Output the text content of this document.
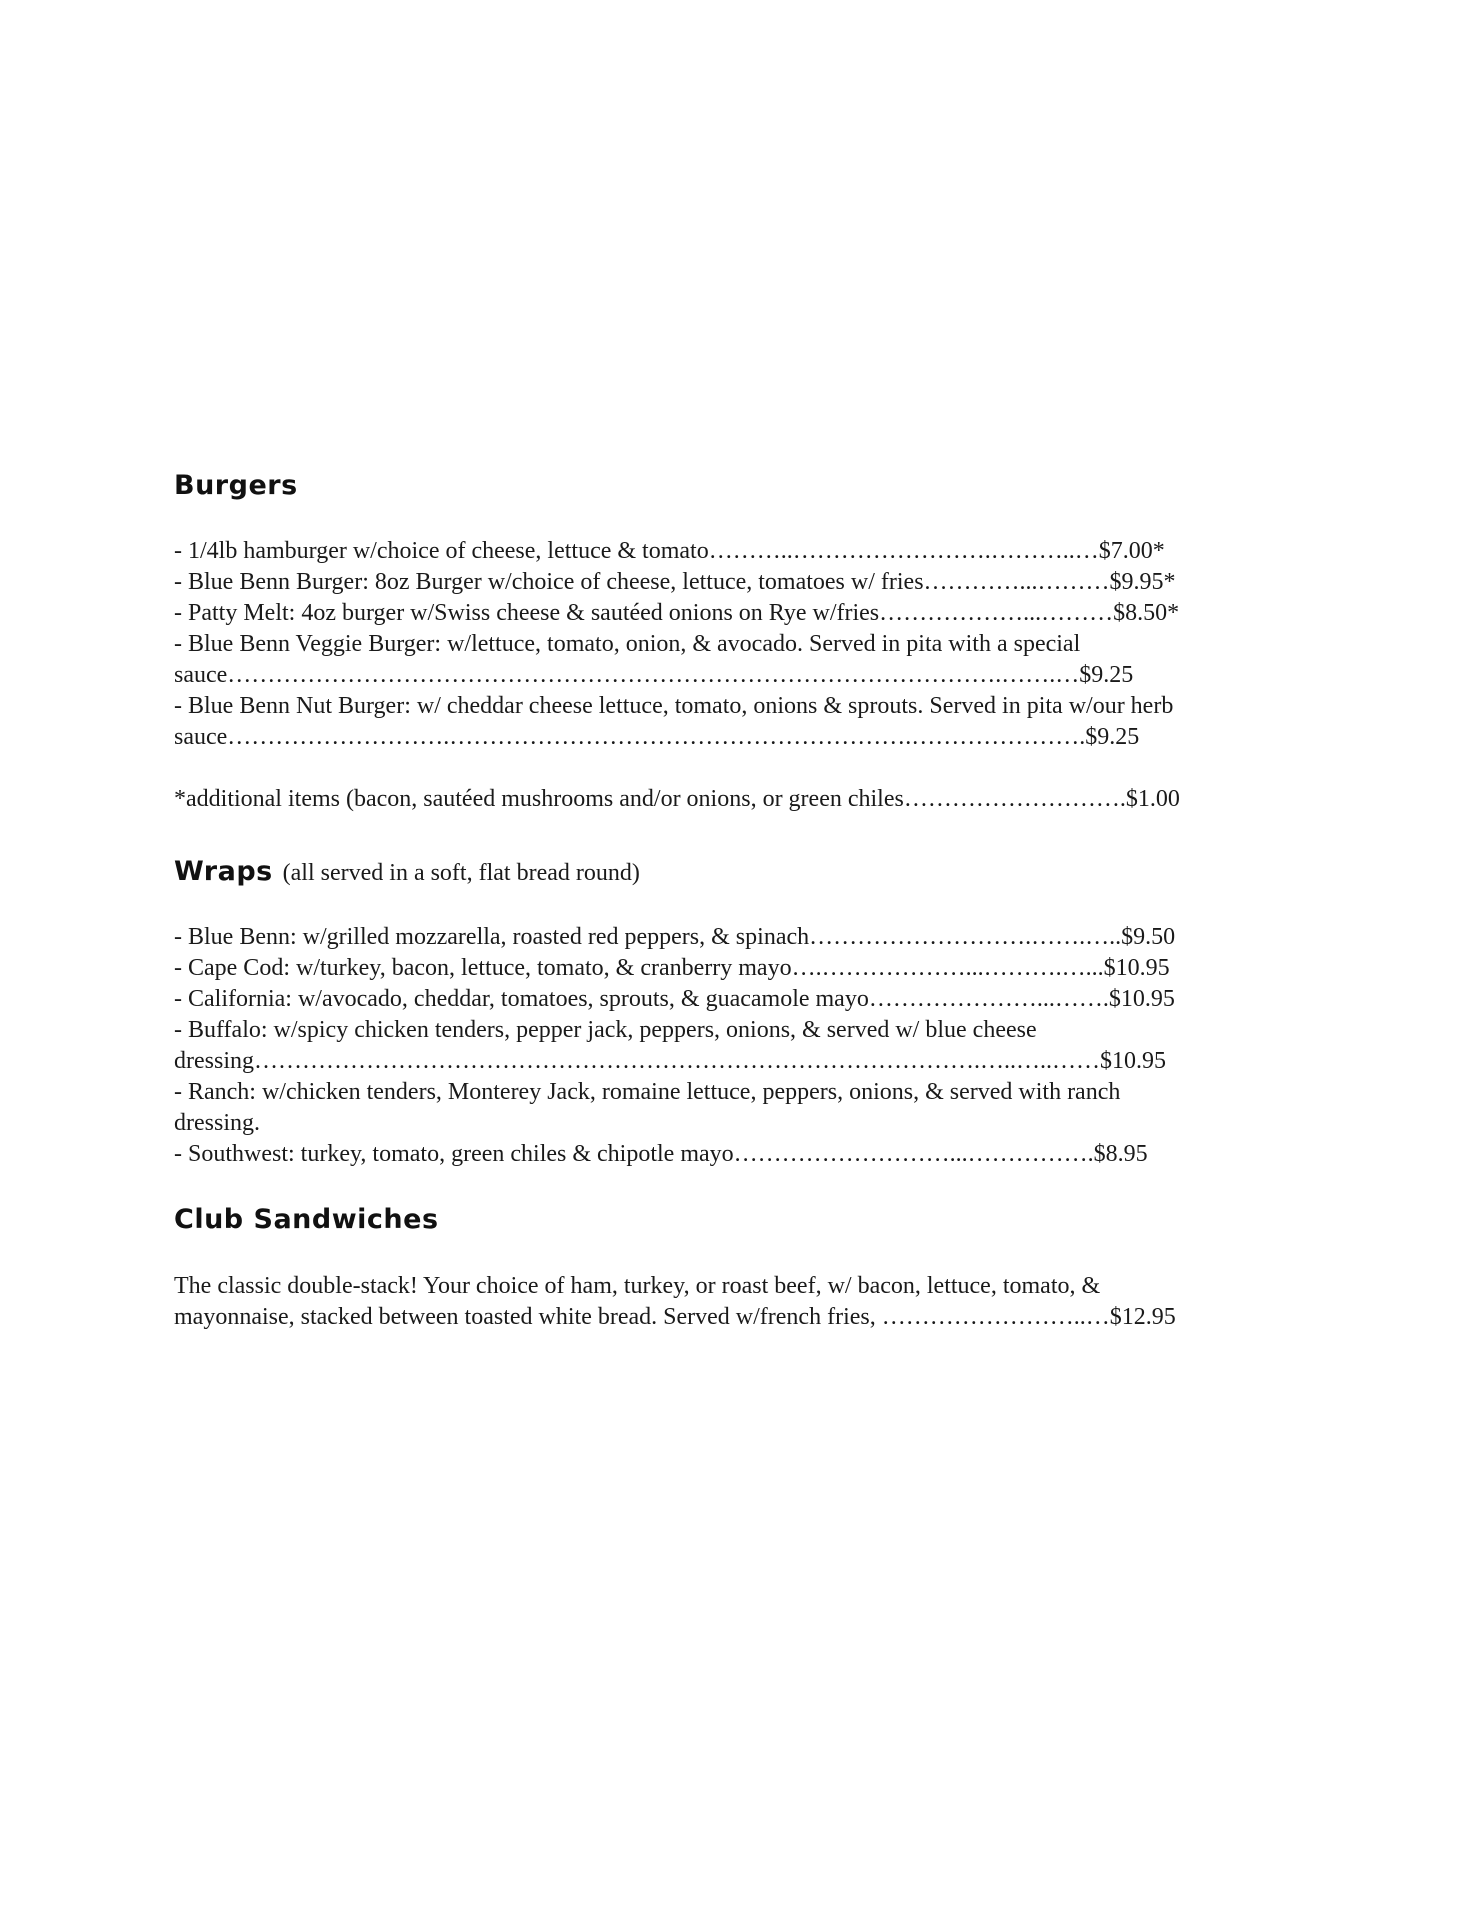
Burgers
- 1/4lb hamburger w/choice of cheese, lettuce & tomato………..…………………….………..…$7.00*
- Blue Benn Burger: 8oz Burger w/choice of cheese, lettuce, tomatoes w/ fries…………...………$9.95*
- Patty Melt: 4oz burger w/Swiss cheese & sautéed onions on Rye w/fries………………...………$8.50*
- Blue Benn Veggie Burger: w/lettuce, tomato, onion, & avocado. Served in pita with a special
sauce…………………………………………………………………………………….…….…$9.25
- Blue Benn Nut Burger: w/ cheddar cheese lettuce, tomato, onions & sprouts. Served in pita w/our herb
sauce……………………….………………………………………………….………………….$9.25
*additional items (bacon, sautéed mushrooms and/or onions, or green chiles……………………….$1.00
Wraps (all served in a soft, flat bread round)
- Blue Benn: w/grilled mozzarella, roasted red peppers, & spinach……………………….…….…..$9.50
- Cape Cod: w/turkey, bacon, lettuce, tomato, & cranberry mayo….………………...……….…...$10.95
- California: w/avocado, cheddar, tomatoes, sprouts, & guacamole mayo…………………...…….$10.95
- Buffalo: w/spicy chicken tenders, pepper jack, peppers, onions, & served w/ blue cheese
dressing……………………………………………………………………………….…..…..……$10.95
- Ranch: w/chicken tenders, Monterey Jack, romaine lettuce, peppers, onions, & served with ranch
dressing.
- Southwest: turkey, tomato, green chiles & chipotle mayo………………………...…………….$8.95
Club Sandwiches
The classic double-stack! Your choice of ham, turkey, or roast beef, w/ bacon, lettuce, tomato, &
mayonnaise, stacked between toasted white bread. Served w/french fries, ……………………..…$12.95
